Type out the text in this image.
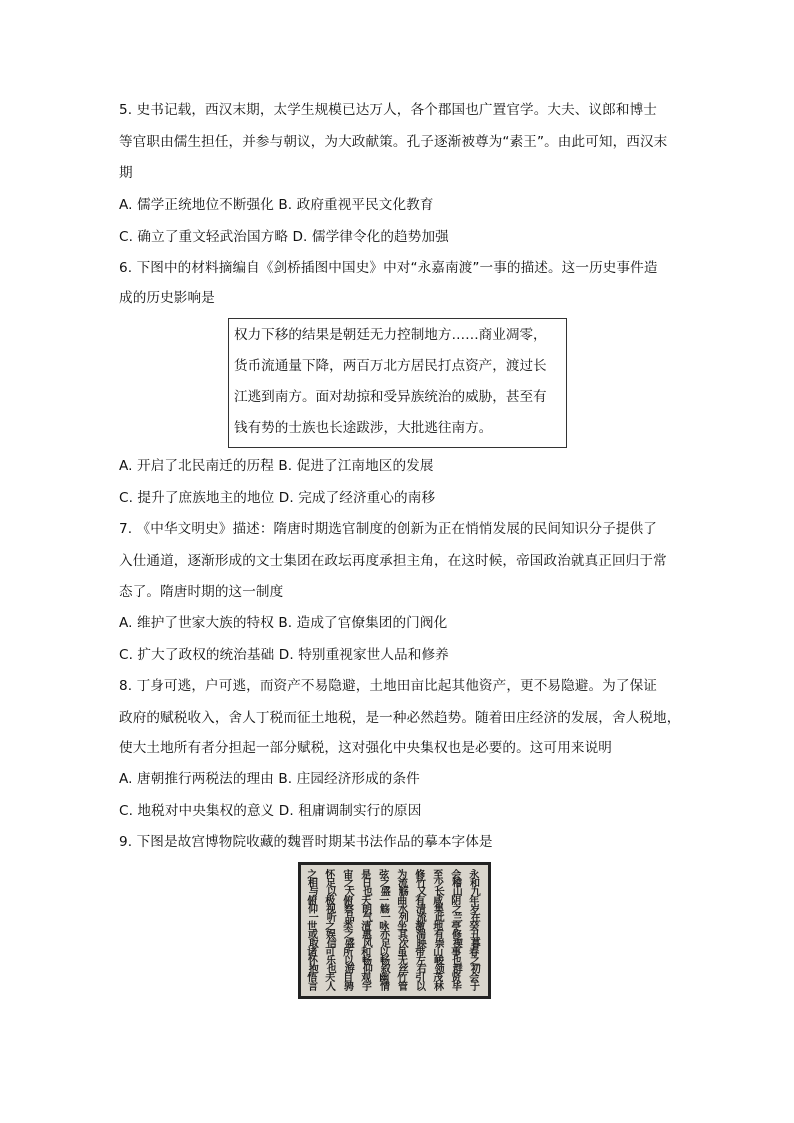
5. 史书记载，西汉末期，太学生规模已达万人，各个郡国也广置官学。大夫、议郎和博士
等官职由儒生担任，并参与朝议，为大政献策。孔子逐渐被尊为“素王”。由此可知，西汉末
期
A. 儒学正统地位不断强化 B. 政府重视平民文化教育
C. 确立了重文轻武治国方略 D. 儒学律令化的趋势加强
6. 下图中的材料摘编自《剑桥插图中国史》中对“永嘉南渡”一事的描述。这一历史事件造
成的历史影响是
权力下移的结果是朝廷无力控制地方……商业凋零，
货币流通量下降，两百万北方居民打点资产，渡过长
江逃到南方。面对劫掠和受异族统治的威胁，甚至有
钱有势的士族也长途跋涉，大批逃往南方。
A. 开启了北民南迁的历程 B. 促进了江南地区的发展
C. 提升了庶族地主的地位 D. 完成了经济重心的南移
7. 《中华文明史》描述：隋唐时期选官制度的创新为正在悄悄发展的民间知识分子提供了
入仕通道，逐渐形成的文士集团在政坛再度承担主角，在这时候，帝国政治就真正回归于常
态了。隋唐时期的这一制度
A. 维护了世家大族的特权 B. 造成了官僚集团的门阀化
C. 扩大了政权的统治基础 D. 特别重视家世人品和修养
8. 丁身可逃，户可逃，而资产不易隐避，土地田亩比起其他资产，更不易隐避。为了保证
政府的赋税收入，舍人丁税而征土地税，是一种必然趋势。随着田庄经济的发展，舍人税地，
使大土地所有者分担起一部分赋税，这对强化中央集权也是必要的。这可用来说明
A. 唐朝推行两税法的理由 B. 庄园经济形成的条件
C. 地税对中央集权的意义 D. 租庸调制实行的原因
9. 下图是故宫博物院收藏的魏晋时期某书法作品的摹本字体是
永和九年岁在癸丑暮春之初会于
会稽山阴之兰亭修禊事也群贤毕
至少长咸集此地有崇山峻领茂林
修竹又有清流激湍映带左右引以
为流觞曲水列坐其次虽无丝竹管
弦之盛一觞一咏亦足以畅叙幽情
是日也天朗气清惠风和畅仰观宇
宙之大俯察品类之盛所以游目骋
怀足以极视听之娱信可乐也夫人
之相与俯仰一世或取诸怀抱悟言
